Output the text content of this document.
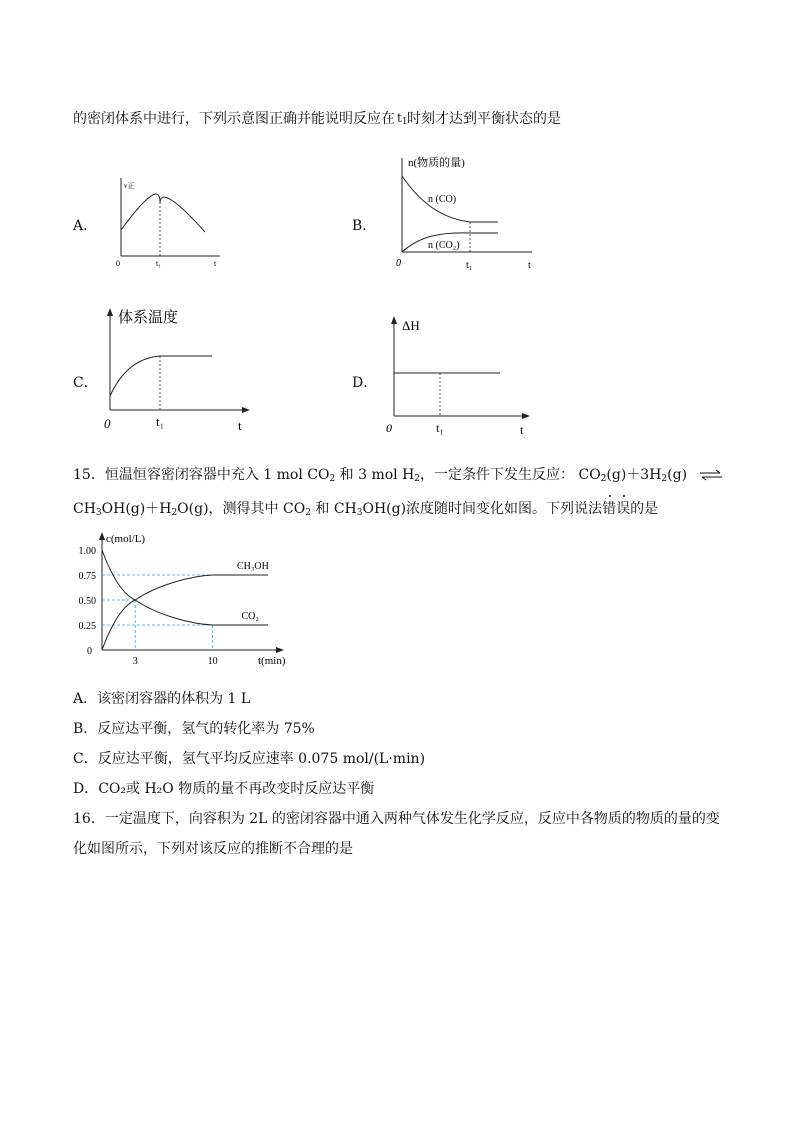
的密闭体系中进行，下列示意图正确并能说明反应在 $t_1$ 时刻才达到平衡状态的是
A．
v正
0	t₁	t
B．
n(物质的量)
n (CO)
n (CO₂)
0	t₁	t
C．
体系温度
0	t₁	t
D．
ΔH
0	t₁	t
15．恒温恒容密闭容器中充入 1 mol $CO_2$ 和 3 mol $H_2$，一定条件下发生反应： $CO_2(g)+3H_2(g)$ ⇌
$CH_3OH(g)+H_2O(g)$，测得其中 $CO_2$ 和 $CH_3OH(g)$浓度随时间变化如图。下列说法错误的是
1.00
0.75
0.50
0.25
0
3	10
CH₃OH
CO₂
c(mol/L)
t(min)
A．该密闭容器的体积为 1 L
B．反应达平衡，氢气的转化率为 75%
C．反应达平衡，氢气平均反应速率 0.075 mol/(L·min)
D．CO₂或 H₂O 物质的量不再改变时反应达平衡
16．一定温度下，向容积为 2L 的密闭容器中通入两种气体发生化学反应，反应中各物质的物质的量的变
化如图所示，下列对该反应的推断不合理的是
